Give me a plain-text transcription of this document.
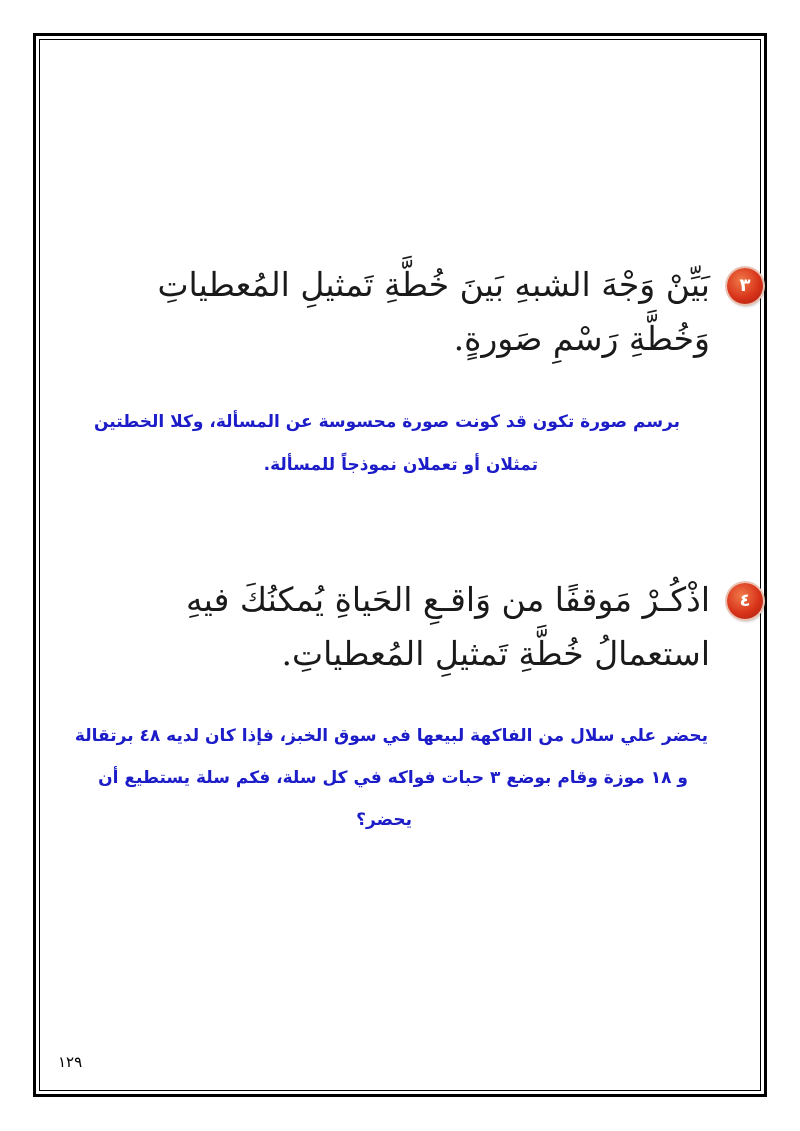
٣
بَيِّنْ وَجْهَ الشبهِ بَينَ خُطَّةِ تَمثيلِ المُعطياتِ
وَخُطَّةِ رَسْمِ صَورةٍ.
برسم صورة تكون قد كونت صورة محسوسة عن المسألة، وكلا الخطتين
تمثلان أو تعملان نموذجاً للمسألة.
٤
اذْكُـرْ مَوقفًا من وَاقـعِ الحَياةِ يُمكنُكَ فيهِ
استعمالُ خُطَّةِ تَمثيلِ المُعطياتِ.
يحضر علي سلال من الفاكهة لبيعها في سوق الخبز، فإذا كان لديه ٤٨ برتقالة
و ١٨ موزة وقام بوضع ٣ حبات فواكه في كل سلة، فكم سلة يستطيع أن
يحضر؟
١٢٩
